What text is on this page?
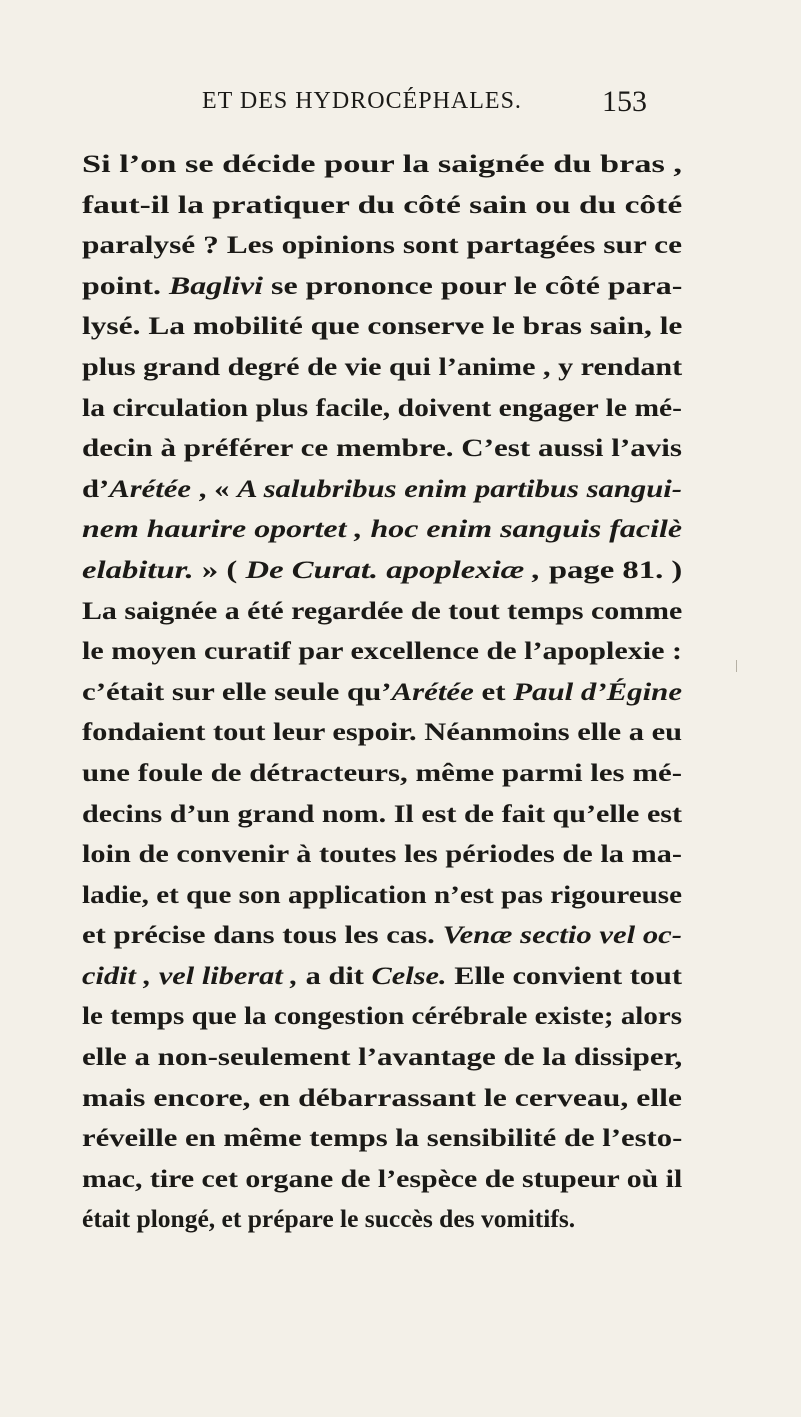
ET DES HYDROCÉPHALES.	153
Si l’on se décide pour la saignée du bras ,
faut-il la pratiquer du côté sain ou du côté
paralysé ? Les opinions sont partagées sur ce
point. Baglivi se prononce pour le côté para-
lysé. La mobilité que conserve le bras sain, le
plus grand degré de vie qui l’anime , y rendant
la circulation plus facile, doivent engager le mé-
decin à préférer ce membre. C’est aussi l’avis
d’Arétée , « A salubribus enim partibus sangui-
nem haurire oportet , hoc enim sanguis facilè
elabitur. » ( De Curat. apoplexiæ , page 81. )
La saignée a été regardée de tout temps comme
le moyen curatif par excellence de l’apoplexie :
c’était sur elle seule qu’Arétée et Paul d’Égine
fondaient tout leur espoir. Néanmoins elle a eu
une foule de détracteurs, même parmi les mé-
decins d’un grand nom. Il est de fait qu’elle est
loin de convenir à toutes les périodes de la ma-
ladie, et que son application n’est pas rigoureuse
et précise dans tous les cas. Venæ sectio vel oc-
cidit , vel liberat , a dit Celse. Elle convient tout
le temps que la congestion cérébrale existe; alors
elle a non-seulement l’avantage de la dissiper,
mais encore, en débarrassant le cerveau, elle
réveille en même temps la sensibilité de l’esto-
mac, tire cet organe de l’espèce de stupeur où il
était plongé, et prépare le succès des vomitifs.
